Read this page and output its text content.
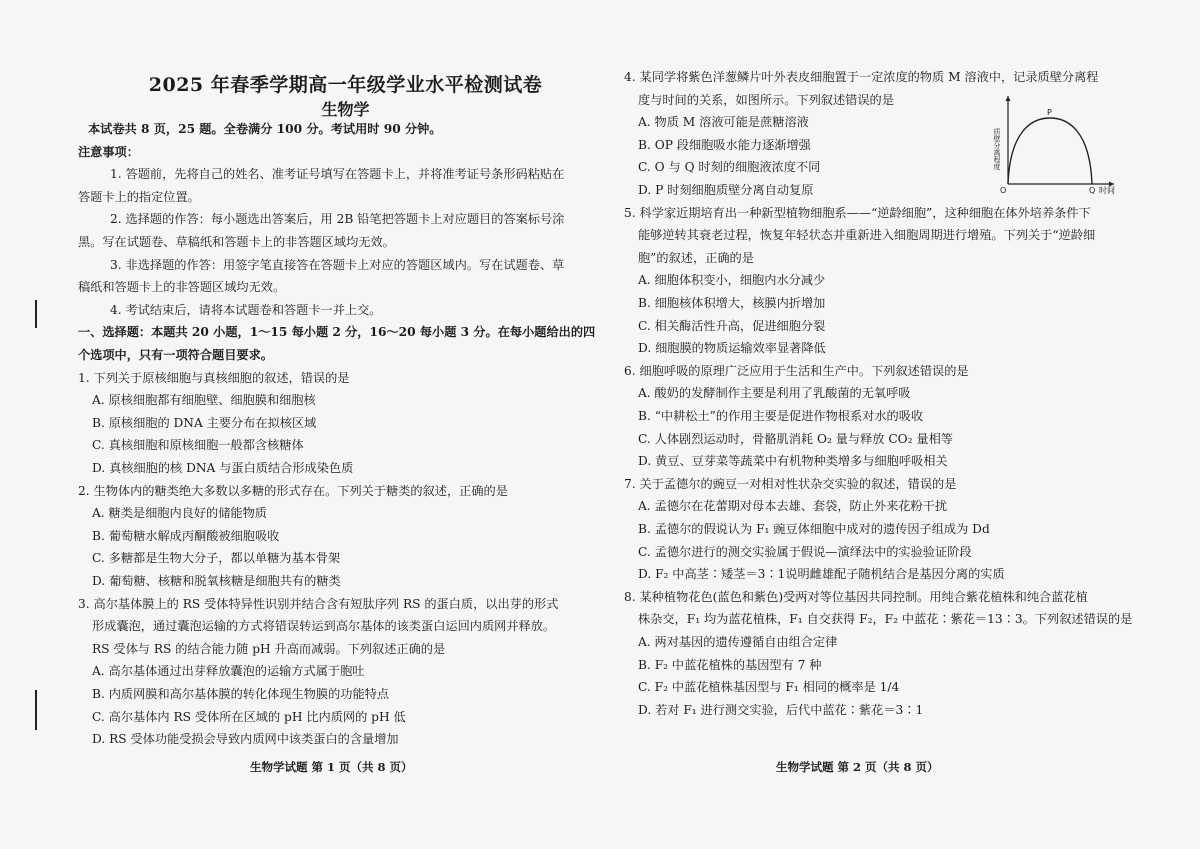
2025 年春季学期高一年级学业水平检测试卷
生物学
本试卷共 8 页，25 题。全卷满分 100 分。考试用时 90 分钟。
注意事项：
1. 答题前，先将自己的姓名、准考证号填写在答题卡上，并将准考证号条形码粘贴在
答题卡上的指定位置。
2. 选择题的作答：每小题选出答案后，用 2B 铅笔把答题卡上对应题目的答案标号涂
黑。写在试题卷、草稿纸和答题卡上的非答题区域均无效。
3. 非选择题的作答：用签字笔直接答在答题卡上对应的答题区域内。写在试题卷、草
稿纸和答题卡上的非答题区域均无效。
4. 考试结束后，请将本试题卷和答题卡一并上交。
一、选择题：本题共 20 小题，1～15 每小题 2 分，16～20 每小题 3 分。在每小题给出的四
个选项中，只有一项符合题目要求。
1. 下列关于原核细胞与真核细胞的叙述，错误的是
A. 原核细胞都有细胞壁、细胞膜和细胞核
B. 原核细胞的 DNA 主要分布在拟核区域
C. 真核细胞和原核细胞一般都含核糖体
D. 真核细胞的核 DNA 与蛋白质结合形成染色质
2. 生物体内的糖类绝大多数以多糖的形式存在。下列关于糖类的叙述，正确的是
A. 糖类是细胞内良好的储能物质
B. 葡萄糖水解成丙酮酸被细胞吸收
C. 多糖都是生物大分子，都以单糖为基本骨架
D. 葡萄糖、核糖和脱氧核糖是细胞共有的糖类
3. 高尔基体膜上的 RS 受体特异性识别并结合含有短肽序列 RS 的蛋白质，以出芽的形式
形成囊泡，通过囊泡运输的方式将错误转运到高尔基体的该类蛋白运回内质网并释放。
RS 受体与 RS 的结合能力随 pH 升高而减弱。下列叙述正确的是
A. 高尔基体通过出芽释放囊泡的运输方式属于胞吐
B. 内质网膜和高尔基体膜的转化体现生物膜的功能特点
C. 高尔基体内 RS 受体所在区域的 pH 比内质网的 pH 低
D. RS 受体功能受损会导致内质网中该类蛋白的含量增加
生物学试题 第 1 页（共 8 页）
4. 某同学将紫色洋葱鳞片叶外表皮细胞置于一定浓度的物质 M 溶液中，记录质壁分离程
度与时间的关系，如图所示。下列叙述错误的是
A. 物质 M 溶液可能是蔗糖溶液
B. OP 段细胞吸水能力逐渐增强
C. O 与 Q 时刻的细胞液浓度不同
D. P 时刻细胞质壁分离自动复原
5. 科学家近期培育出一种新型植物细胞系——“逆龄细胞”，这种细胞在体外培养条件下
能够逆转其衰老过程，恢复年轻状态并重新进入细胞周期进行增殖。下列关于“逆龄细
胞”的叙述，正确的是
A. 细胞体积变小，细胞内水分减少
B. 细胞核体积增大，核膜内折增加
C. 相关酶活性升高，促进细胞分裂
D. 细胞膜的物质运输效率显著降低
6. 细胞呼吸的原理广泛应用于生活和生产中。下列叙述错误的是
A. 酸奶的发酵制作主要是利用了乳酸菌的无氧呼吸
B. “中耕松土”的作用主要是促进作物根系对水的吸收
C. 人体剧烈运动时，骨骼肌消耗 O₂ 量与释放 CO₂ 量相等
D. 黄豆、豆芽菜等蔬菜中有机物种类增多与细胞呼吸相关
7. 关于孟德尔的豌豆一对相对性状杂交实验的叙述，错误的是
A. 孟德尔在花蕾期对母本去雄、套袋，防止外来花粉干扰
B. 孟德尔的假说认为 F₁ 豌豆体细胞中成对的遗传因子组成为 Dd
C. 孟德尔进行的测交实验属于假说—演绎法中的实验验证阶段
D. F₂ 中高茎∶矮茎＝3∶1说明雌雄配子随机结合是基因分离的实质
8. 某种植物花色(蓝色和紫色)受两对等位基因共同控制。用纯合紫花植株和纯合蓝花植
株杂交，F₁ 均为蓝花植株，F₁ 自交获得 F₂，F₂ 中蓝花∶紫花＝13∶3。下列叙述错误的是
A. 两对基因的遗传遵循自由组合定律
B. F₂ 中蓝花植株的基因型有 7 种
C. F₂ 中蓝花植株基因型与 F₁ 相同的概率是 1/4
D. 若对 F₁ 进行测交实验，后代中蓝花∶紫花＝3∶1
生物学试题 第 2 页（共 8 页）
质壁分离程度
O
P
Q 时间
